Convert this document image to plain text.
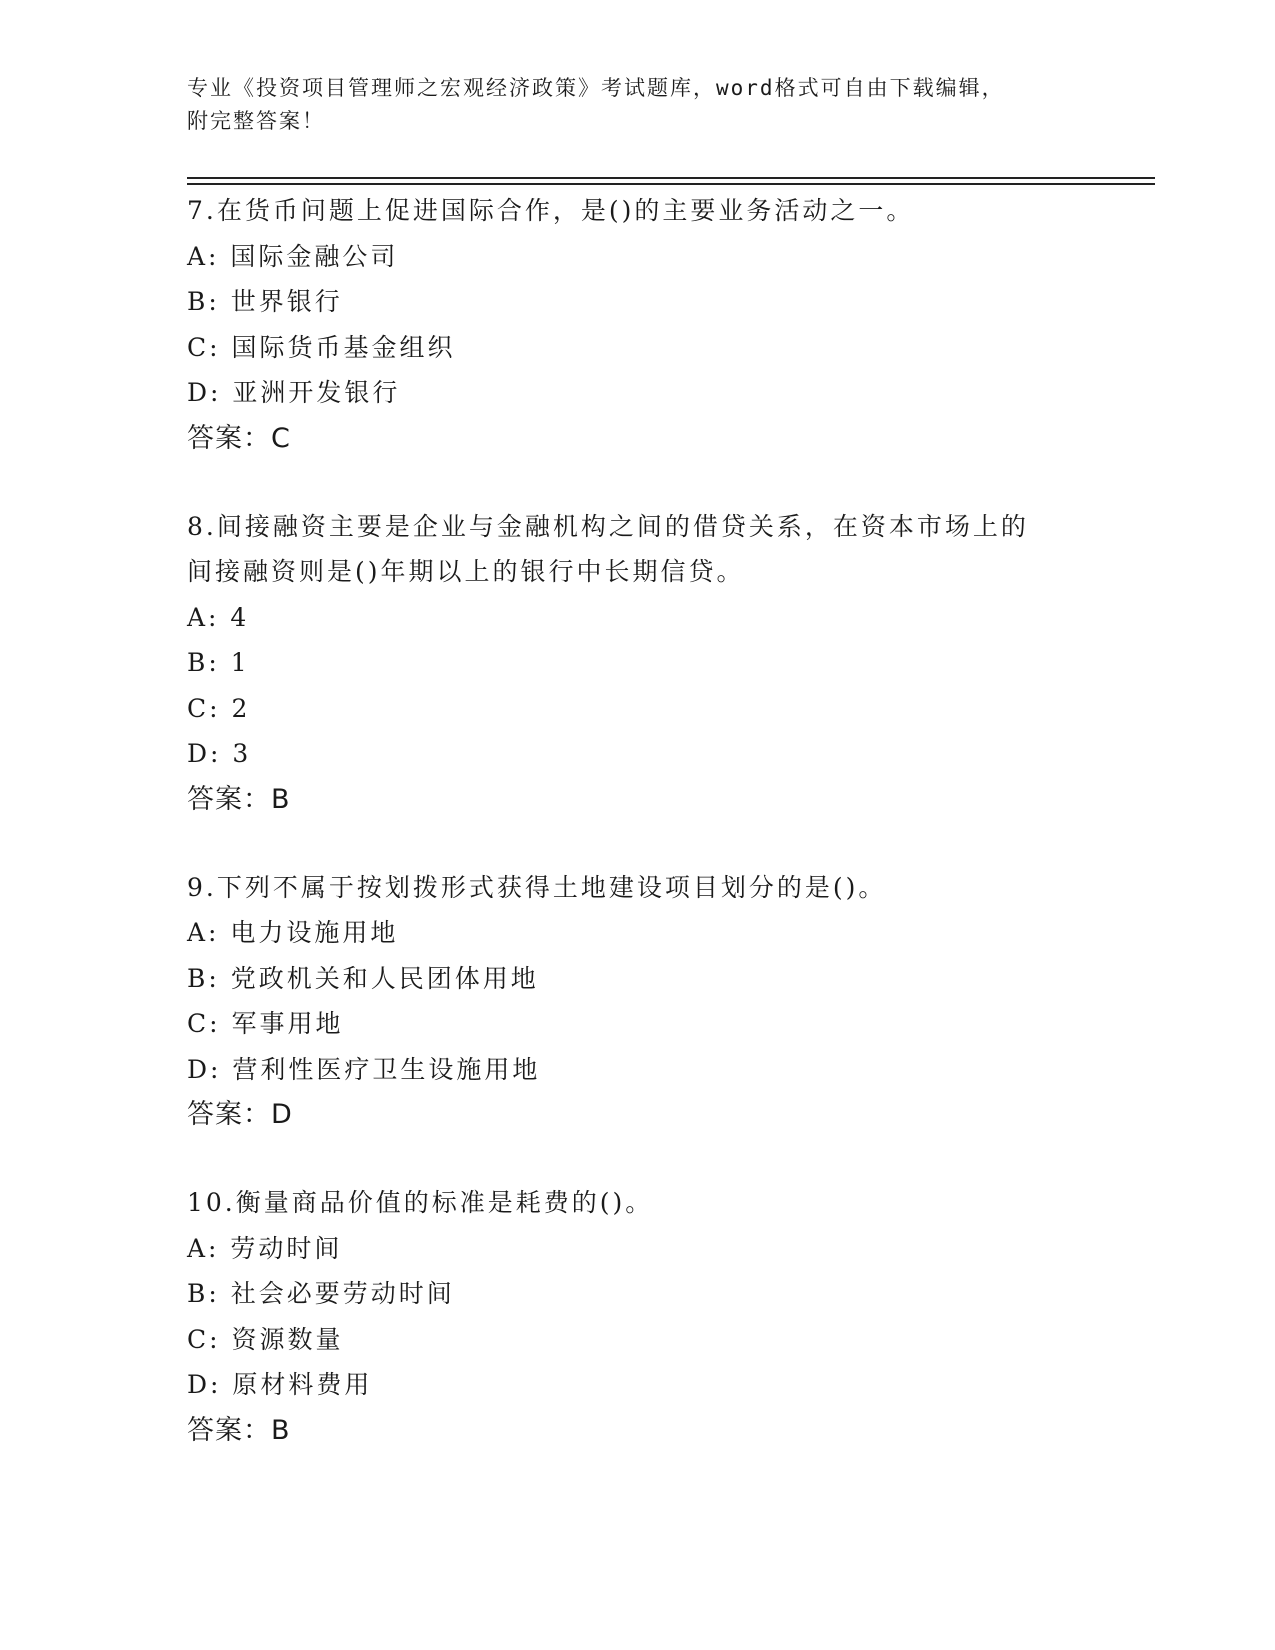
专业《投资项目管理师之宏观经济政策》考试题库，word格式可自由下载编辑，
附完整答案！
7.在货币问题上促进国际合作，是()的主要业务活动之一。
A: 国际金融公司
B: 世界银行
C: 国际货币基金组织
D: 亚洲开发银行
答案：C
8.间接融资主要是企业与金融机构之间的借贷关系，在资本市场上的
间接融资则是()年期以上的银行中长期信贷。
A: 4
B: 1
C: 2
D: 3
答案：B
9.下列不属于按划拨形式获得土地建设项目划分的是()。
A: 电力设施用地
B: 党政机关和人民团体用地
C: 军事用地
D: 营利性医疗卫生设施用地
答案：D
10.衡量商品价值的标准是耗费的()。
A: 劳动时间
B: 社会必要劳动时间
C: 资源数量
D: 原材料费用
答案：B
